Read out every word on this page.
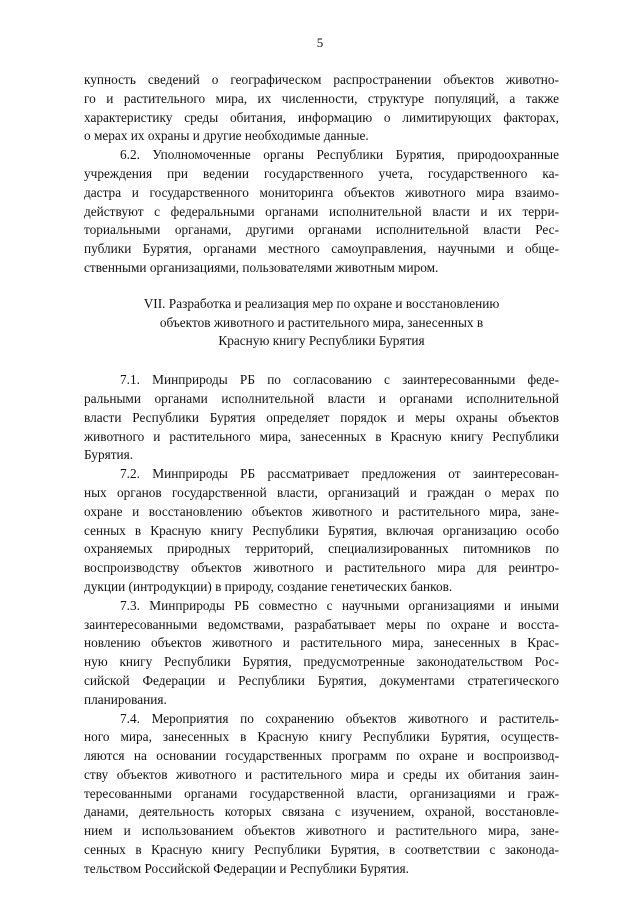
5
купность сведений о географическом распространении объектов животно-
го и растительного мира, их численности, структуре популяций, а также
характеристику среды обитания, информацию о лимитирующих факторах,
о мерах их охраны и другие необходимые данные.
6.2. Уполномоченные органы Республики Бурятия, природоохранные
учреждения при ведении государственного учета, государственного ка-
дастра и государственного мониторинга объектов животного мира взаимо-
действуют с федеральными органами исполнительной власти и их терри-
ториальными органами, другими органами исполнительной власти Рес-
публики Бурятия, органами местного самоуправления, научными и обще-
ственными организациями, пользователями животным миром.
VII. Разработка и реализация мер по охране и восстановлению
объектов животного и растительного мира, занесенных в
Красную книгу Республики Бурятия
7.1. Минприроды РБ по согласованию с заинтересованными феде-
ральными органами исполнительной власти и органами исполнительной
власти Республики Бурятия определяет порядок и меры охраны объектов
животного и растительного мира, занесенных в Красную книгу Республики
Бурятия.
7.2. Минприроды РБ рассматривает предложения от заинтересован-
ных органов государственной власти, организаций и граждан о мерах по
охране и восстановлению объектов животного и растительного мира, зане-
сенных в Красную книгу Республики Бурятия, включая организацию особо
охраняемых природных территорий, специализированных питомников по
воспроизводству объектов животного и растительного мира для реинтро-
дукции (интродукции) в природу, создание генетических банков.
7.3. Минприроды РБ совместно с научными организациями и иными
заинтересованными ведомствами, разрабатывает меры по охране и восста-
новлению объектов животного и растительного мира, занесенных в Крас-
ную книгу Республики Бурятия, предусмотренные законодательством Рос-
сийской Федерации и Республики Бурятия, документами стратегического
планирования.
7.4. Мероприятия по сохранению объектов животного и раститель-
ного мира, занесенных в Красную книгу Республики Бурятия, осуществ-
ляются на основании государственных программ по охране и воспроизвод-
ству объектов животного и растительного мира и среды их обитания заин-
тересованными органами государственной власти, организациями и граж-
данами, деятельность которых связана с изучением, охраной, восстановле-
нием и использованием объектов животного и растительного мира, зане-
сенных в Красную книгу Республики Бурятия, в соответствии с законода-
тельством Российской Федерации и Республики Бурятия.
